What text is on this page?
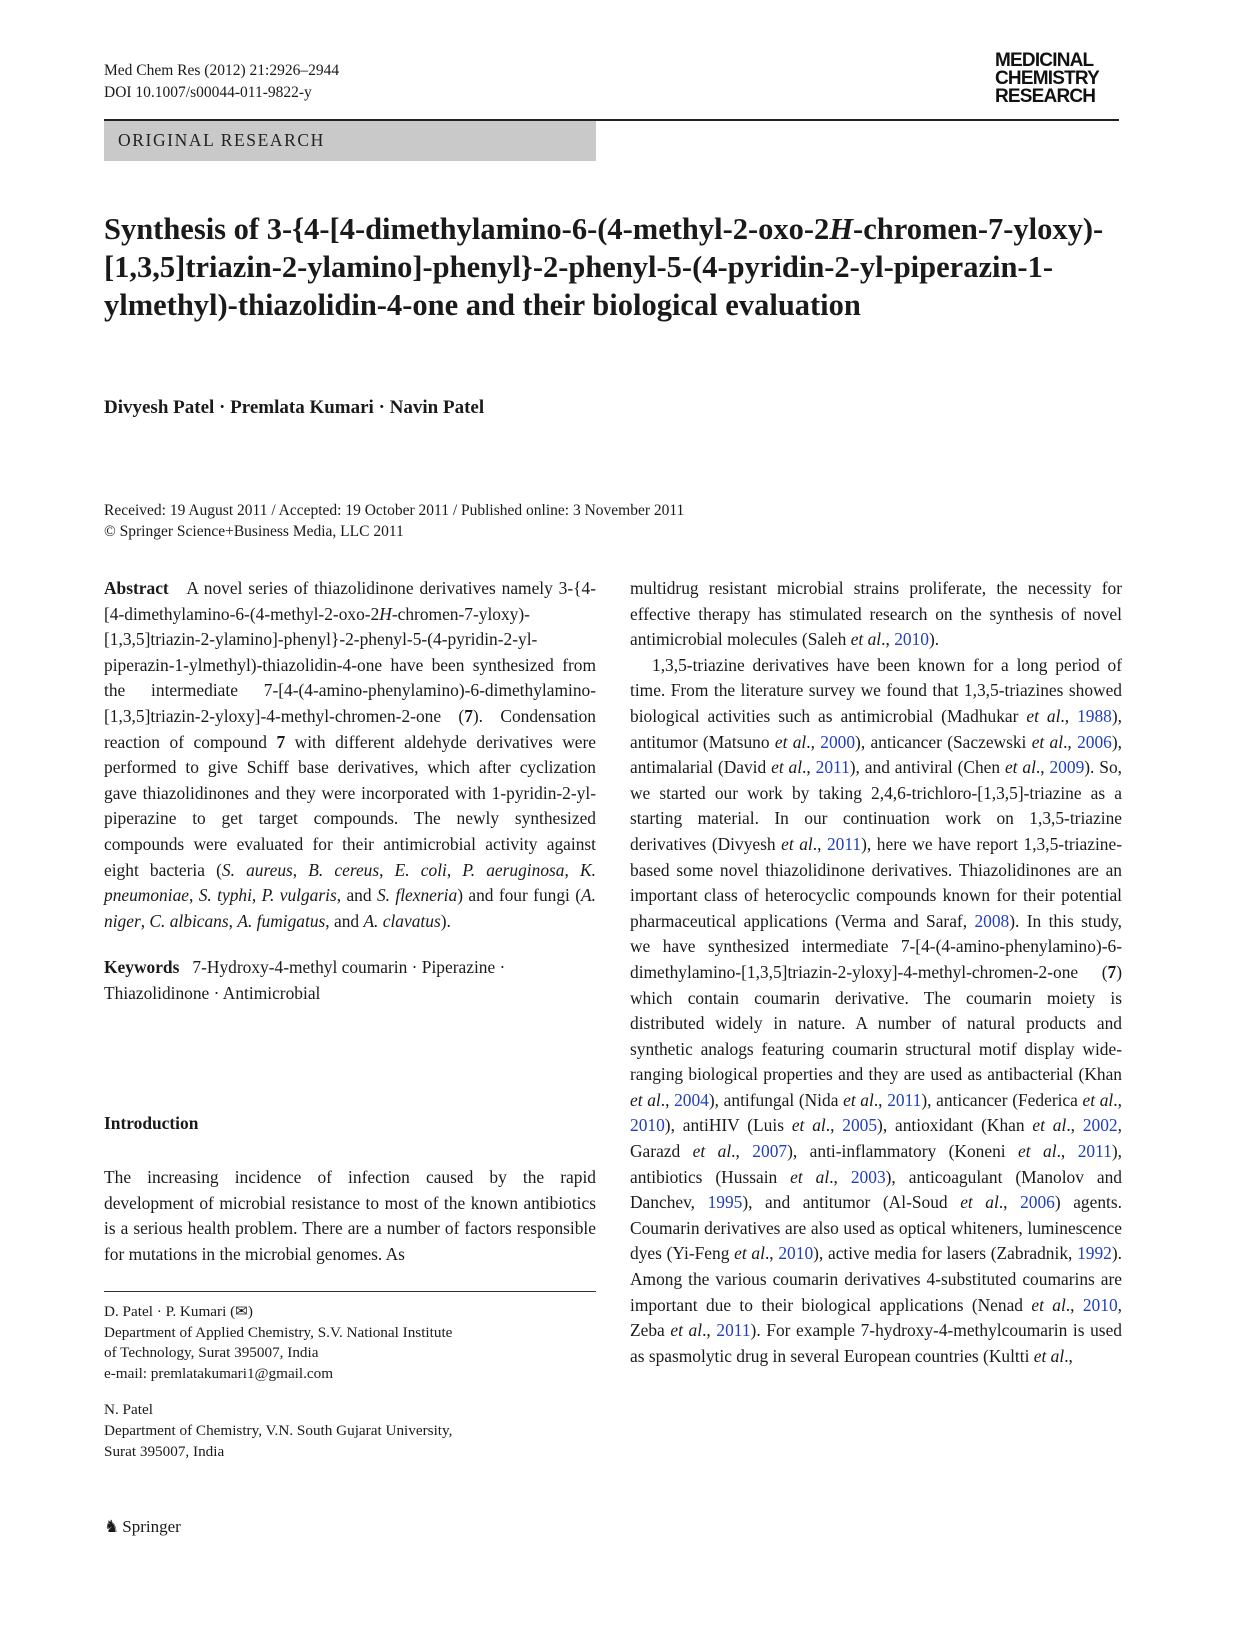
Med Chem Res (2012) 21:2926–2944
DOI 10.1007/s00044-011-9822-y
MEDICINAL
CHEMISTRY
RESEARCH
ORIGINAL RESEARCH
Synthesis of 3-{4-[4-dimethylamino-6-(4-methyl-2-oxo-2H-chromen-7-yloxy)-[1,3,5]triazin-2-ylamino]-phenyl}-2-phenyl-5-(4-pyridin-2-yl-piperazin-1-ylmethyl)-thiazolidin-4-one and their biological evaluation
Divyesh Patel · Premlata Kumari · Navin Patel
Received: 19 August 2011 / Accepted: 19 October 2011 / Published online: 3 November 2011
© Springer Science+Business Media, LLC 2011

Abstract A novel series of thiazolidinone derivatives namely 3-{4-[4-dimethylamino-6-(4-methyl-2-oxo-2H-chromen-7-yloxy)-[1,3,5]triazin-2-ylamino]-phenyl}-2-phenyl-5-(4-pyridin-2-yl-piperazin-1-ylmethyl)-thiazolidin-4-one have been synthesized from the intermediate 7-[4-(4-amino-phenylamino)-6-dimethylamino-[1,3,5]triazin-2-yloxy]-4-methyl-chromen-2-one (7). Condensation reaction of compound 7 with different aldehyde derivatives were performed to give Schiff base derivatives, which after cyclization gave thiazolidinones and they were incorporated with 1-pyridin-2-yl-piperazine to get target compounds. The newly synthesized compounds were evaluated for their antimicrobial activity against eight bacteria (S. aureus, B. cereus, E. coli, P. aeruginosa, K. pneumoniae, S. typhi, P. vulgaris, and S. flexneria) and four fungi (A. niger, C. albicans, A. fumigatus, and A. clavatus).

Keywords 7-Hydroxy-4-methyl coumarin · Piperazine · Thiazolidinone · Antimicrobial

Introduction

The increasing incidence of infection caused by the rapid development of microbial resistance to most of the known antibiotics is a serious health problem. There are a number of factors responsible for mutations in the microbial genomes. As

D. Patel · P. Kumari (✉)

Department of Applied Chemistry, S.V. National Institute

of Technology, Surat 395007, India

e-mail: premlatakumari1@gmail.com

N. Patel

Department of Chemistry, V.N. South Gujarat University,

Surat 395007, India

♞ Springer

multidrug resistant microbial strains proliferate, the necessity for effective therapy has stimulated research on the synthesis of novel antimicrobial molecules (Saleh et al., 2010).

1,3,5-triazine derivatives have been known for a long period of time. From the literature survey we found that 1,3,5-triazines showed biological activities such as antimicrobial (Madhukar et al., 1988), antitumor (Matsuno et al., 2000), anticancer (Saczewski et al., 2006), antimalarial (David et al., 2011), and antiviral (Chen et al., 2009). So, we started our work by taking 2,4,6-trichloro-[1,3,5]-triazine as a starting material. In our continuation work on 1,3,5-triazine derivatives (Divyesh et al., 2011), here we have report 1,3,5-triazine-based some novel thiazolidinone derivatives. Thiazolidinones are an important class of heterocyclic compounds known for their potential pharmaceutical applications (Verma and Saraf, 2008). In this study, we have synthesized intermediate 7-[4-(4-amino-phenylamino)-6-dimethylamino-[1,3,5]triazin-2-yloxy]-4-methyl-chromen-2-one (7) which contain coumarin derivative. The coumarin moiety is distributed widely in nature. A number of natural products and synthetic analogs featuring coumarin structural motif display wide-ranging biological properties and they are used as antibacterial (Khan et al., 2004), antifungal (Nida et al., 2011), anticancer (Federica et al., 2010), antiHIV (Luis et al., 2005), antioxidant (Khan et al., 2002, Garazd et al., 2007), anti-inflammatory (Koneni et al., 2011), antibiotics (Hussain et al., 2003), anticoagulant (Manolov and Danchev, 1995), and antitumor (Al-Soud et al., 2006) agents. Coumarin derivatives are also used as optical whiteners, luminescence dyes (Yi-Feng et al., 2010), active media for lasers (Zabradnik, 1992). Among the various coumarin derivatives 4-substituted coumarins are important due to their biological applications (Nenad et al., 2010, Zeba et al., 2011). For example 7-hydroxy-4-methylcoumarin is used as spasmolytic drug in several European countries (Kultti et al.,
